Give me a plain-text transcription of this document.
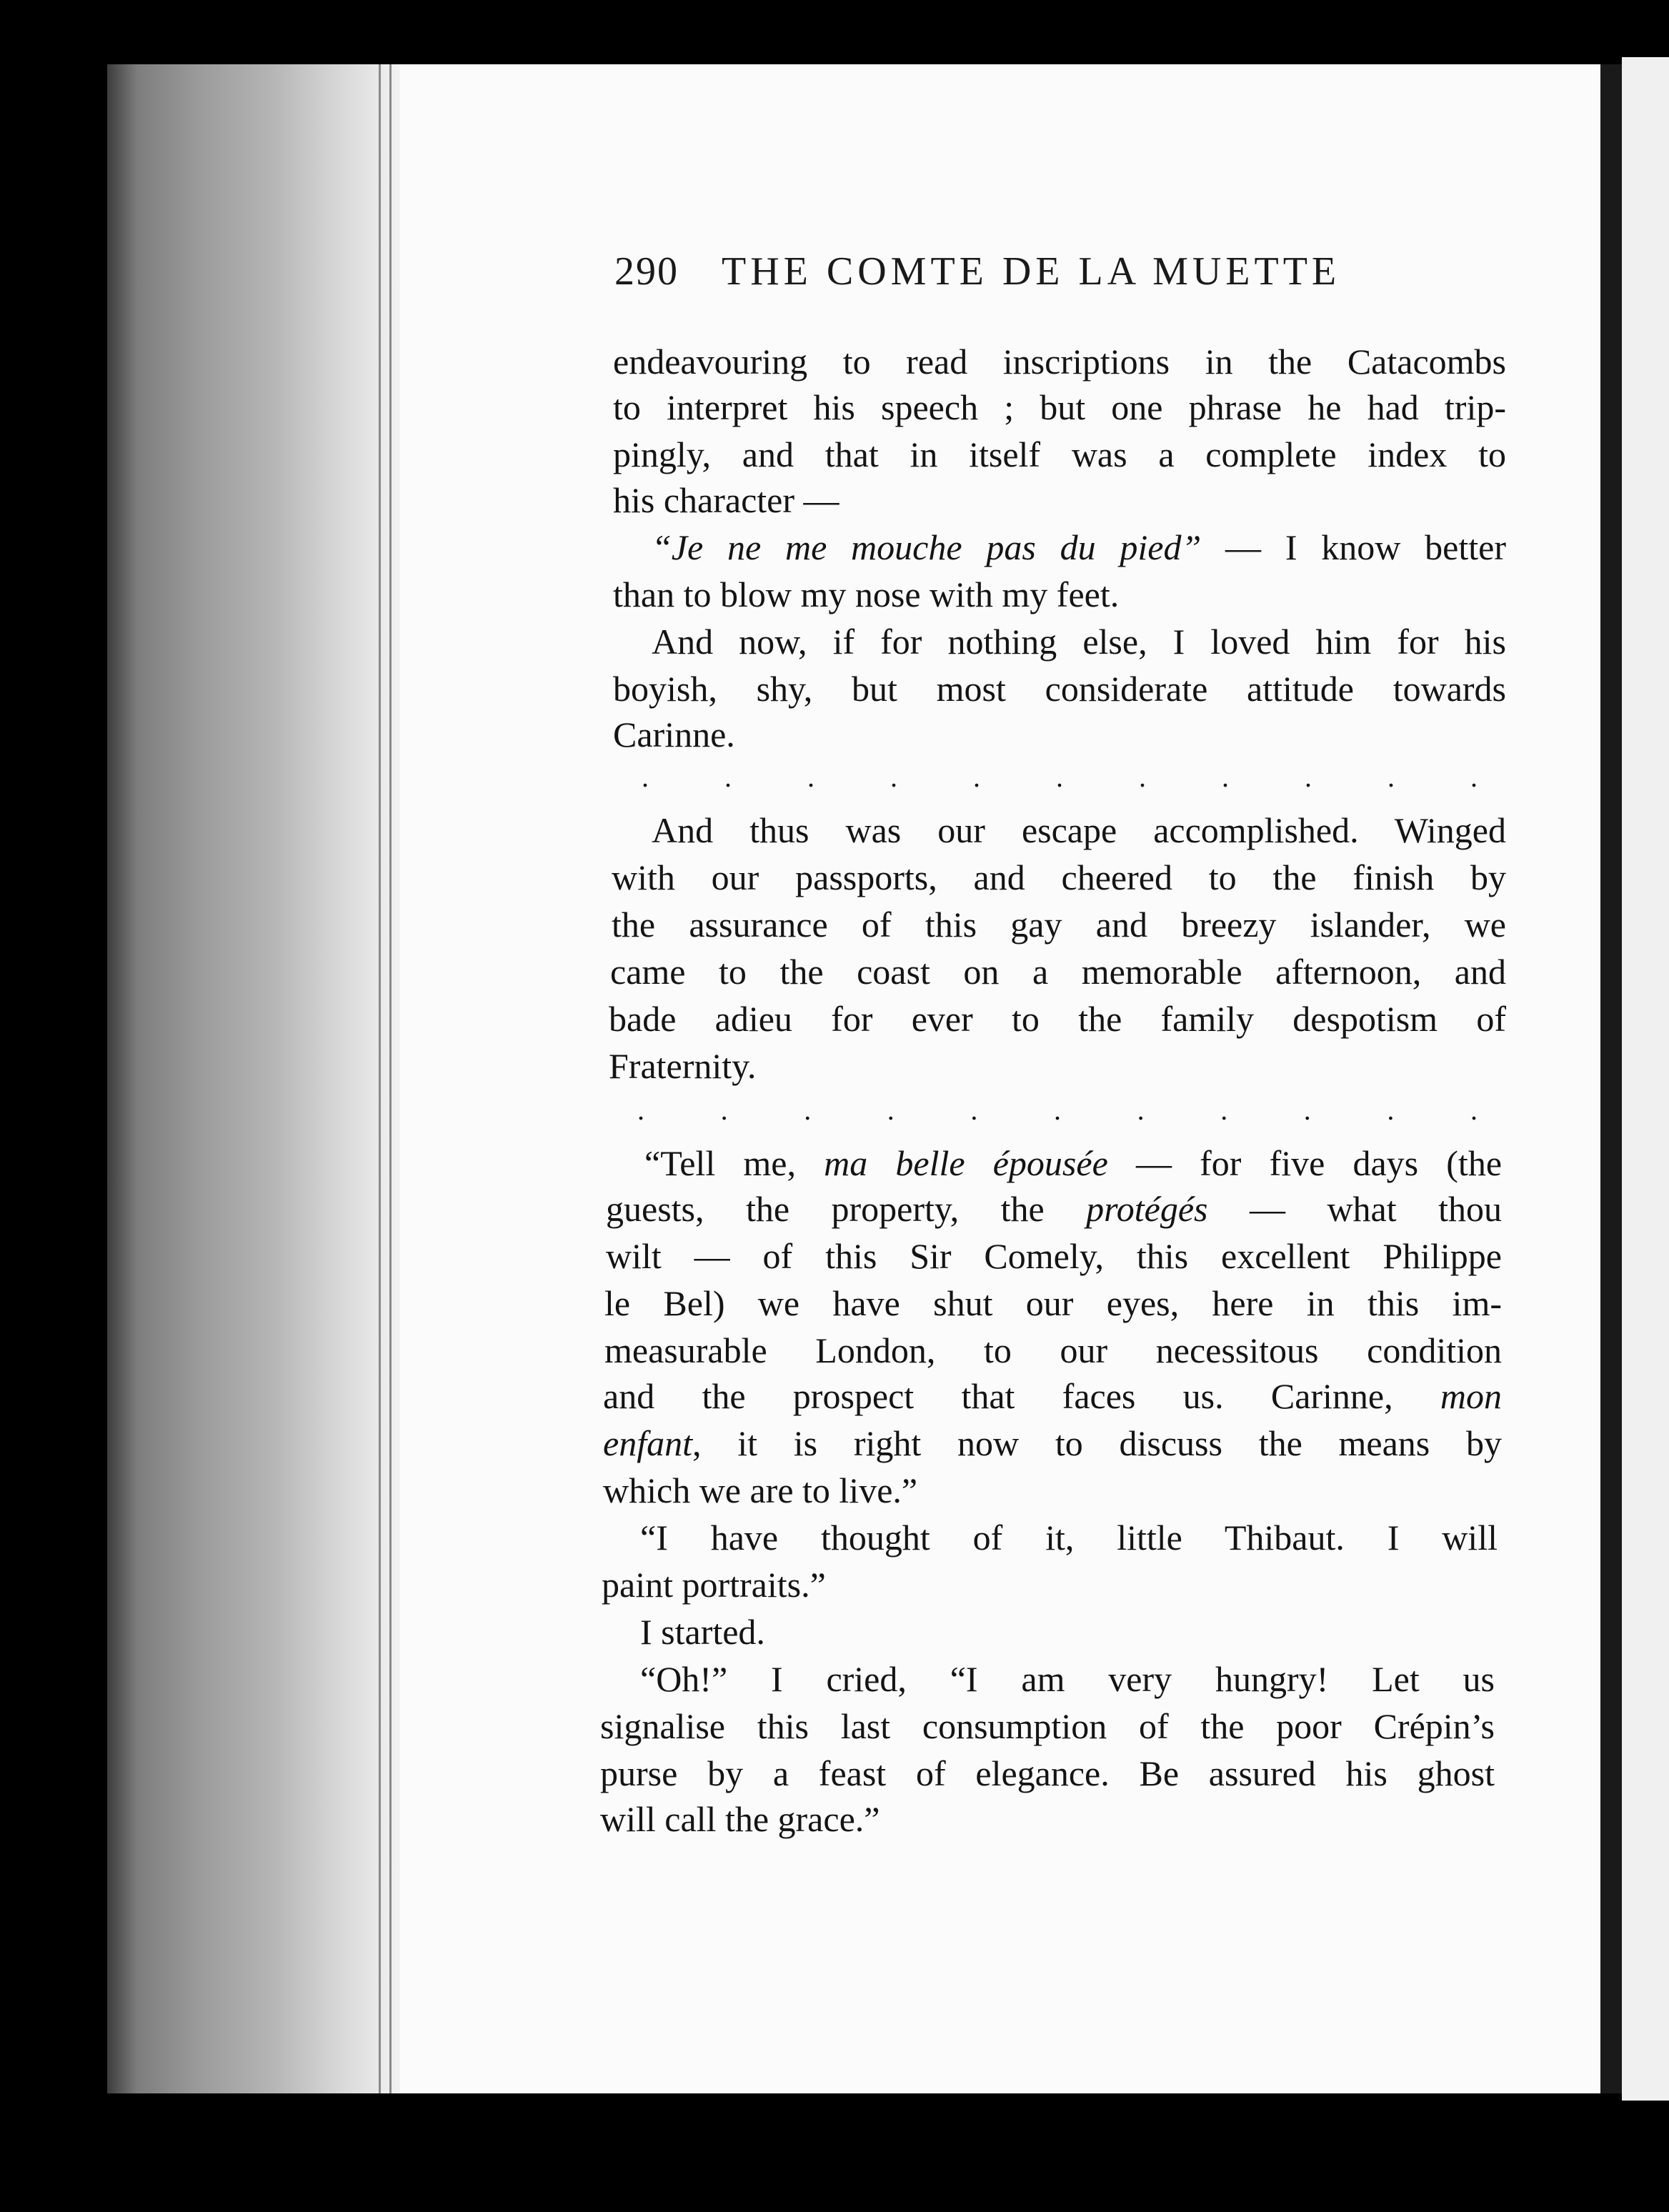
290 THE COMTE DE LA MUETTE
endeavouring to read inscriptions in the Catacombs
to interpret his speech ; but one phrase he had trip-
pingly, and that in itself was a complete index to
his character —
“Je ne me mouche pas du pied” — I know better
than to blow my nose with my feet.
And now, if for nothing else, I loved him for his
boyish, shy, but most considerate attitude towards
Carinne.
. . . . . . . . . . .
And thus was our escape accomplished. Winged
with our passports, and cheered to the finish by
the assurance of this gay and breezy islander, we
came to the coast on a memorable afternoon, and
bade adieu for ever to the family despotism of
Fraternity.
. . . . . . . . . . .
“Tell me, ma belle épousée — for five days (the
guests, the property, the protégés — what thou
wilt — of this Sir Comely, this excellent Philippe
le Bel) we have shut our eyes, here in this im-
measurable London, to our necessitous condition
and the prospect that faces us. Carinne, mon
enfant, it is right now to discuss the means by
which we are to live.”
“I have thought of it, little Thibaut. I will
paint portraits.”
I started.
“Oh!” I cried, “I am very hungry! Let us
signalise this last consumption of the poor Crépin’s
purse by a feast of elegance. Be assured his ghost
will call the grace.”
